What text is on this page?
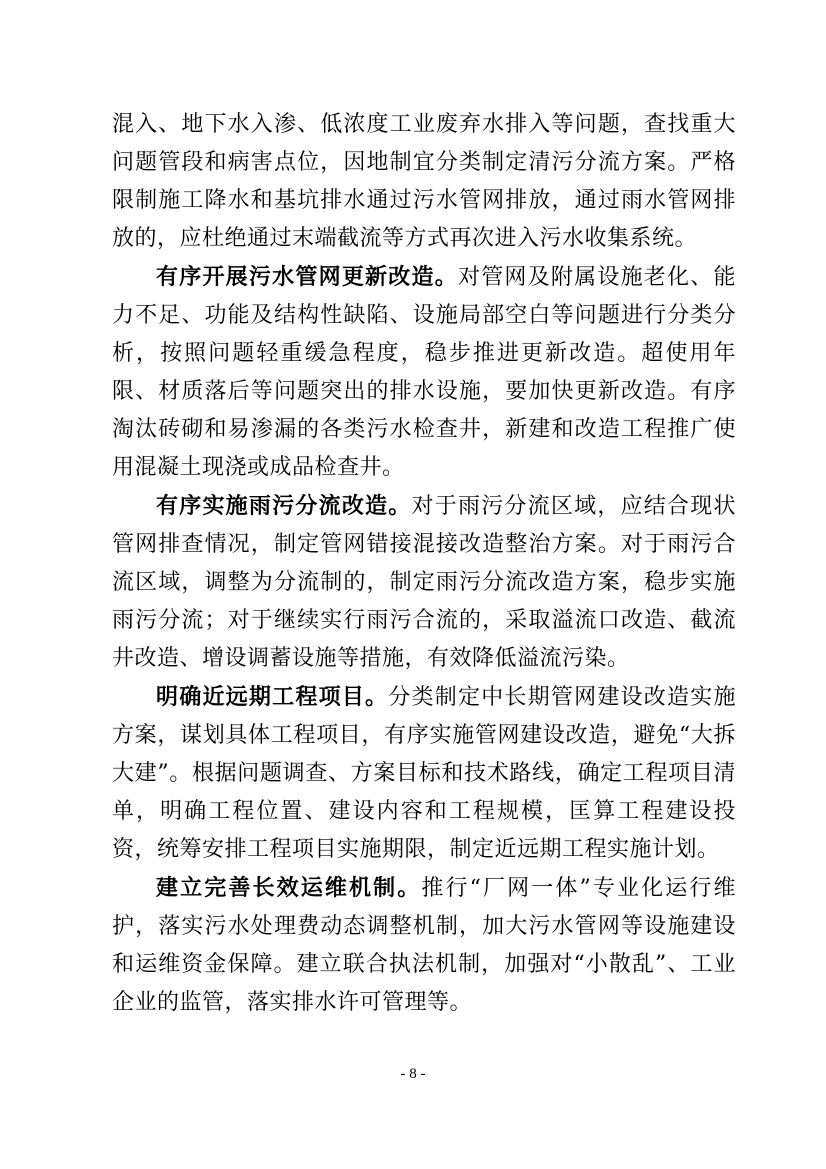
混入、地下水入渗、低浓度工业废弃水排入等问题，查找重大问题管段和病害点位，因地制宜分类制定清污分流方案。严格限制施工降水和基坑排水通过污水管网排放，通过雨水管网排放的，应杜绝通过末端截流等方式再次进入污水收集系统。

有序开展污水管网更新改造。对管网及附属设施老化、能力不足、功能及结构性缺陷、设施局部空白等问题进行分类分析，按照问题轻重缓急程度，稳步推进更新改造。超使用年限、材质落后等问题突出的排水设施，要加快更新改造。有序淘汰砖砌和易渗漏的各类污水检查井，新建和改造工程推广使用混凝土现浇或成品检查井。

有序实施雨污分流改造。对于雨污分流区域，应结合现状管网排查情况，制定管网错接混接改造整治方案。对于雨污合流区域，调整为分流制的，制定雨污分流改造方案，稳步实施雨污分流；对于继续实行雨污合流的，采取溢流口改造、截流井改造、增设调蓄设施等措施，有效降低溢流污染。

明确近远期工程项目。分类制定中长期管网建设改造实施方案，谋划具体工程项目，有序实施管网建设改造，避免“大拆大建”。根据问题调查、方案目标和技术路线，确定工程项目清单，明确工程位置、建设内容和工程规模，匡算工程建设投资，统筹安排工程项目实施期限，制定近远期工程实施计划。

建立完善长效运维机制。推行“厂网一体”专业化运行维护，落实污水处理费动态调整机制，加大污水管网等设施建设和运维资金保障。建立联合执法机制，加强对“小散乱”、工业企业的监管，落实排水许可管理等。

- 8 -
